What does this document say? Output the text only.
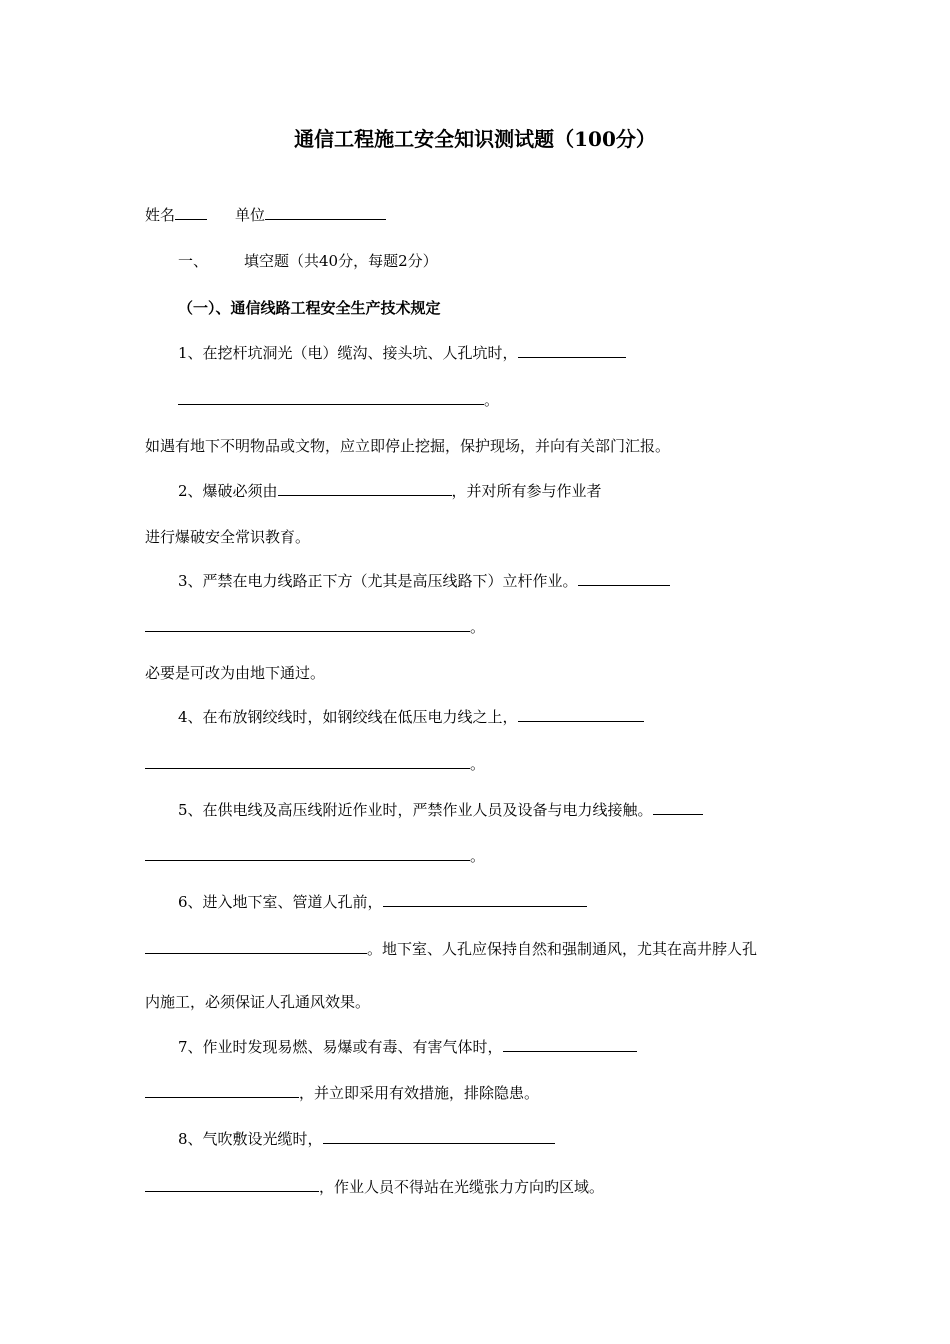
通信工程施工安全知识测试题（100分）
姓名	单位
一、 填空题（共40分，每题2分）
（一）、通信线路工程安全生产技术规定
1、在挖杆坑洞光（电）缆沟、接头坑、人孔坑时，
。
如遇有地下不明物品或文物，应立即停止挖掘，保护现场，并向有关部门汇报。
2、爆破必须由	，并对所有参与作业者
进行爆破安全常识教育。
3、严禁在电力线路正下方（尤其是高压线路下）立杆作业。
。
必要是可改为由地下通过。
4、在布放钢绞线时，如钢绞线在低压电力线之上，
。
5、在供电线及高压线附近作业时，严禁作业人员及设备与电力线接触。
。
6、进入地下室、管道人孔前，
。地下室、人孔应保持自然和强制通风，尤其在高井脖人孔
内施工，必须保证人孔通风效果。
7、作业时发现易燃、易爆或有毒、有害气体时，
，并立即采用有效措施，排除隐患。
8、气吹敷设光缆时，
，作业人员不得站在光缆张力方向旳区域。
